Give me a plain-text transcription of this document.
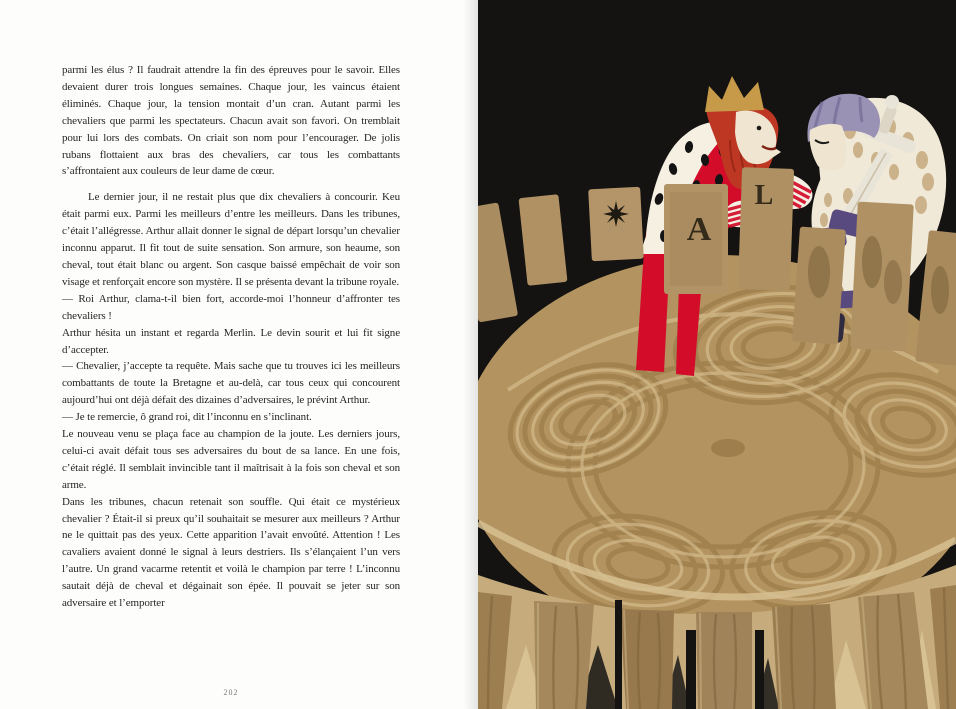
parmi les élus ? Il faudrait attendre la fin des épreuves pour le savoir. Elles devaient durer trois longues semaines. Chaque jour, les vaincus étaient éliminés. Chaque jour, la tension montait d’un cran. Autant parmi les chevaliers que parmi les spectateurs. Chacun avait son favori. On tremblait pour lui lors des combats. On criait son nom pour l’encourager. De jolis rubans flottaient aux bras des chevaliers, car tous les combattants s’affrontaient aux couleurs de leur dame de cœur.

Le dernier jour, il ne restait plus que dix chevaliers à concourir. Keu était parmi eux. Parmi les meilleurs d’entre les meilleurs. Dans les tribunes, c’était l’allégresse. Arthur allait donner le signal de départ lorsqu’un chevalier inconnu apparut. Il fit tout de suite sensation. Son armure, son heaume, son cheval, tout était blanc ou argent. Son casque baissé empêchait de voir son visage et renforçait encore son mystère. Il se présenta devant la tribune royale.

— Roi Arthur, clama-t-il bien fort, accorde-moi l’honneur d’affronter tes chevaliers !

Arthur hésita un instant et regarda Merlin. Le devin sourit et lui fit signe d’accepter.

— Chevalier, j’accepte ta requête. Mais sache que tu trouves ici les meilleurs combattants de toute la Bretagne et au-delà, car tous ceux qui concourent aujourd’hui ont déjà défait des dizaines d’adversaires, le prévint Arthur.

— Je te remercie, ô grand roi, dit l’inconnu en s’inclinant.

Le nouveau venu se plaça face au champion de la joute. Les derniers jours, celui-ci avait défait tous ses adversaires du bout de sa lance. En une fois, c’était réglé. Il semblait invincible tant il maîtrisait à la fois son cheval et son arme.

Dans les tribunes, chacun retenait son souffle. Qui était ce mystérieux chevalier ? Était-il si preux qu’il souhaitait se mesurer aux meilleurs ? Arthur ne le quittait pas des yeux. Cette apparition l’avait envoûté. Attention ! Les cavaliers avaient donné le signal à leurs destriers. Ils s’élançaient l’un vers l’autre. Un grand vacarme retentit et voilà le champion par terre ! L’inconnu sautait déjà de cheval et dégainait son épée. Il pouvait se jeter sur son adversaire et l’emporter

202
A
L
